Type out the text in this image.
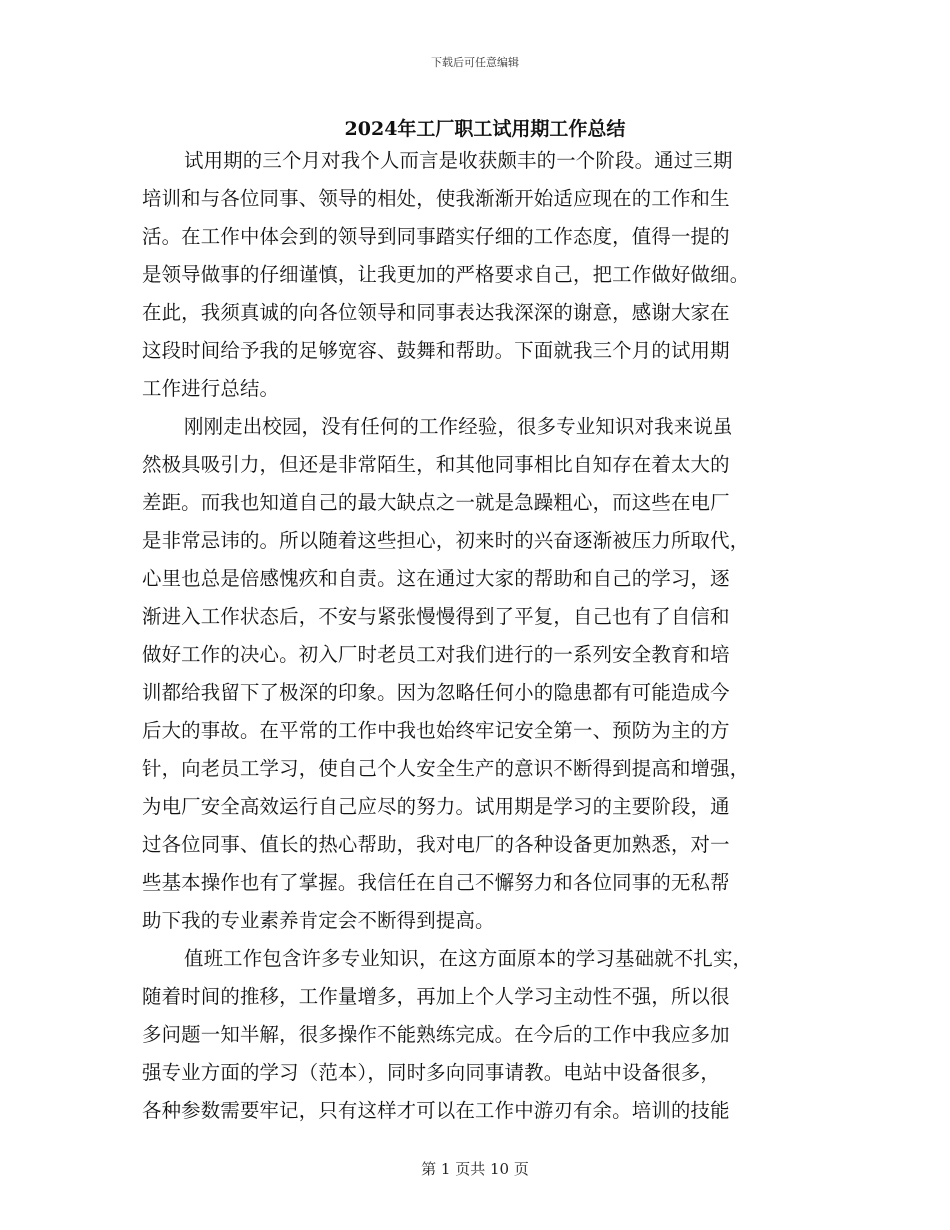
下载后可任意编辑
2024年工厂职工试用期工作总结
试用期的三个月对我个人而言是收获颇丰的一个阶段。通过三期
培训和与各位同事、领导的相处，使我渐渐开始适应现在的工作和生
活。在工作中体会到的领导到同事踏实仔细的工作态度，值得一提的
是领导做事的仔细谨慎，让我更加的严格要求自己，把工作做好做细。
在此，我须真诚的向各位领导和同事表达我深深的谢意，感谢大家在
这段时间给予我的足够宽容、鼓舞和帮助。下面就我三个月的试用期
工作进行总结。
刚刚走出校园，没有任何的工作经验，很多专业知识对我来说虽
然极具吸引力，但还是非常陌生，和其他同事相比自知存在着太大的
差距。而我也知道自己的最大缺点之一就是急躁粗心，而这些在电厂
是非常忌讳的。所以随着这些担心，初来时的兴奋逐渐被压力所取代，
心里也总是倍感愧疚和自责。这在通过大家的帮助和自己的学习，逐
渐进入工作状态后，不安与紧张慢慢得到了平复，自己也有了自信和
做好工作的决心。初入厂时老员工对我们进行的一系列安全教育和培
训都给我留下了极深的印象。因为忽略任何小的隐患都有可能造成今
后大的事故。在平常的工作中我也始终牢记安全第一、预防为主的方
针，向老员工学习，使自己个人安全生产的意识不断得到提高和增强，
为电厂安全高效运行自己应尽的努力。试用期是学习的主要阶段，通
过各位同事、值长的热心帮助，我对电厂的各种设备更加熟悉，对一
些基本操作也有了掌握。我信任在自己不懈努力和各位同事的无私帮
助下我的专业素养肯定会不断得到提高。
值班工作包含许多专业知识，在这方面原本的学习基础就不扎实，
随着时间的推移，工作量增多，再加上个人学习主动性不强，所以很
多问题一知半解，很多操作不能熟练完成。在今后的工作中我应多加
强专业方面的学习（范本），同时多向同事请教。电站中设备很多，
各种参数需要牢记，只有这样才可以在工作中游刃有余。培训的技能
第 1 页共 10 页
